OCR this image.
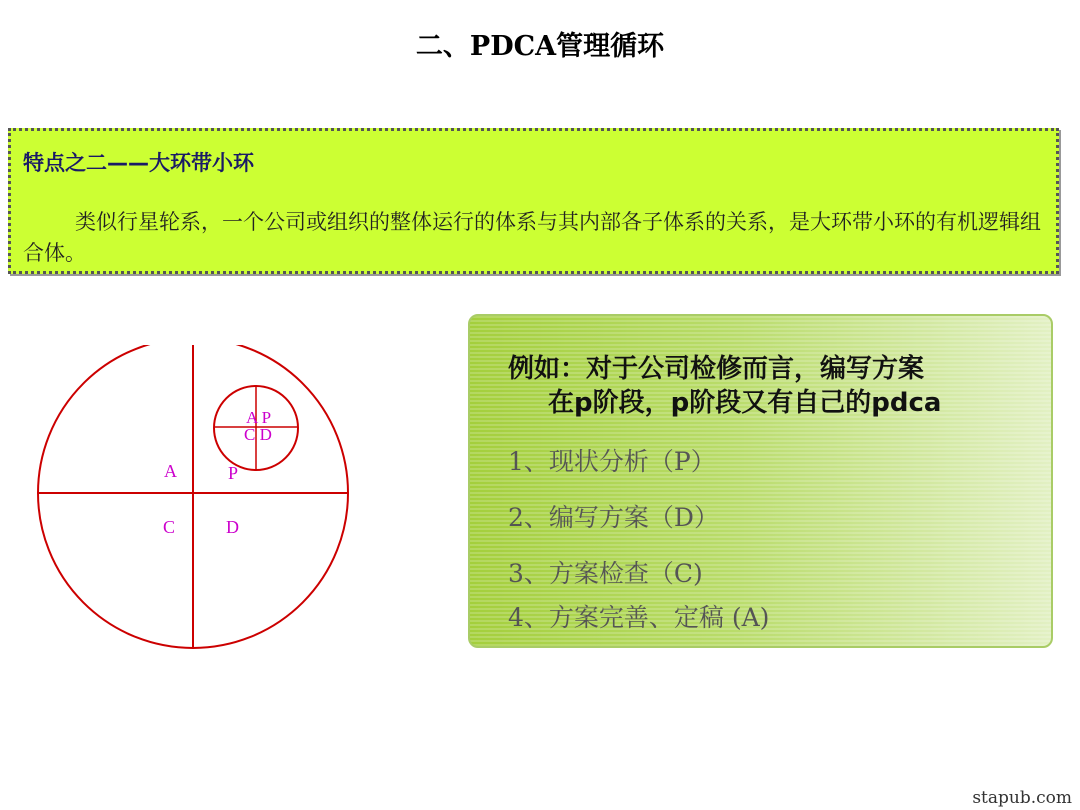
二、PDCA管理循环
特点之二——大环带小环
类似行星轮系，一个公司或组织的整体运行的体系与其内部各子体系的关系，是大环带小环的有机逻辑组合体。
A	P
C	D
A P
C D
例如：对于公司检修而言，编写方案
在p阶段，p阶段又有自己的pdca
1、现状分析（P）
2、编写方案（D）
3、方案检查（C)
4、方案完善、定稿 (A)
stapub.com
